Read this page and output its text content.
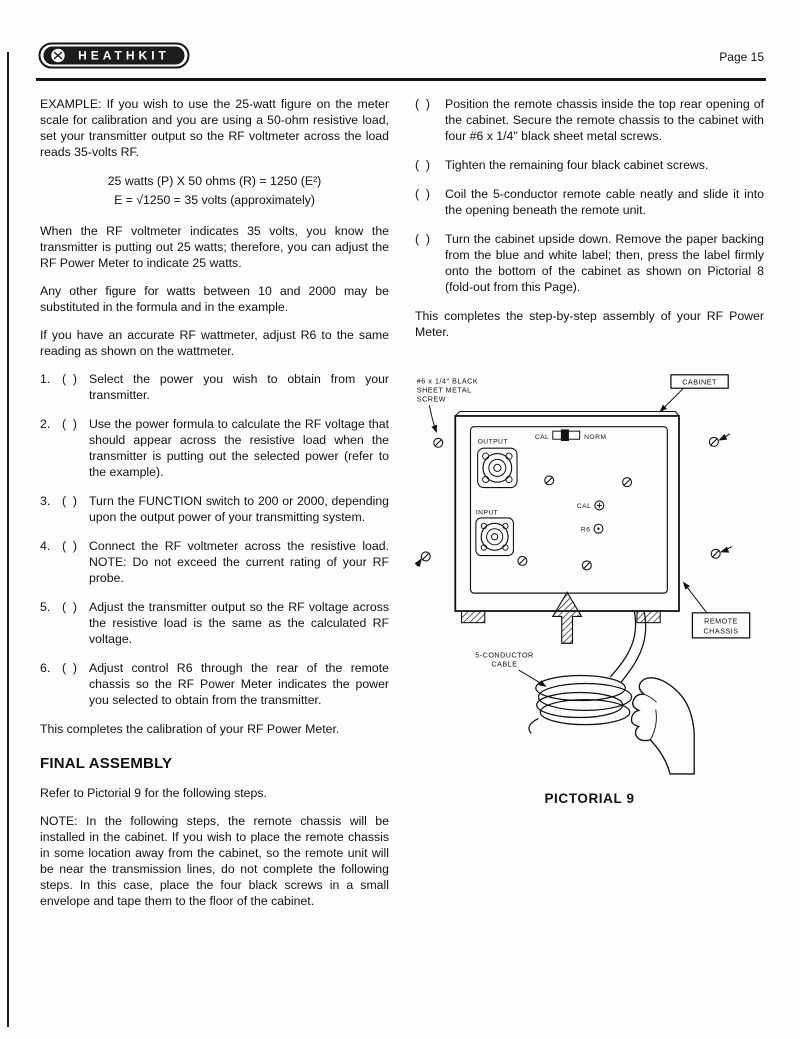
HEATHKIT	Page 15

EXAMPLE: If you wish to use the 25-watt figure on the meter scale for calibration and you are using a 50-ohm resistive load, set your transmitter output so the RF voltmeter across the load reads 35-volts RF.

25 watts (P) X 50 ohms (R) = 1250 (E²)
E = √1250 = 35 volts (approximately)

When the RF voltmeter indicates 35 volts, you know the transmitter is putting out 25 watts; therefore, you can adjust the RF Power Meter to indicate 25 watts.

Any other figure for watts between 10 and 2000 may be substituted in the formula and in the example.

If you have an accurate RF wattmeter, adjust R6 to the same reading as shown on the wattmeter.

1. (  ) Select the power you wish to obtain from your transmitter.
2. (  ) Use the power formula to calculate the RF voltage that should appear across the resistive load when the transmitter is putting out the selected power (refer to the example).
3. (  ) Turn the FUNCTION switch to 200 or 2000, depending upon the output power of your transmitting system.
4. (  ) Connect the RF voltmeter across the resistive load. NOTE: Do not exceed the current rating of your RF probe.
5. (  ) Adjust the transmitter output so the RF voltage across the resistive load is the same as the calculated RF voltage.
6. (  ) Adjust control R6 through the rear of the remote chassis so the RF Power Meter indicates the power you selected to obtain from the transmitter.

This completes the calibration of your RF Power Meter.

FINAL ASSEMBLY

Refer to Pictorial 9 for the following steps.

NOTE: In the following steps, the remote chassis will be installed in the cabinet. If you wish to place the remote chassis in some location away from the cabinet, so the remote unit will be near the transmission lines, do not complete the following steps. In this case, place the four black screws in a small envelope and tape them to the floor of the cabinet.

(  )	Position the remote chassis inside the top rear opening of the cabinet. Secure the remote chassis to the cabinet with four #6 x 1/4" black sheet metal screws.
(  )	Tighten the remaining four black cabinet screws.
(  )	Coil the 5-conductor remote cable neatly and slide it into the opening beneath the remote unit.
(  )	Turn the cabinet upside down. Remove the paper backing from the blue and white label; then, press the label firmly onto the bottom of the cabinet as shown on Pictorial 8 (fold-out from this Page).

This completes the step-by-step assembly of your RF Power Meter.

#6 x 1/4" BLACK
SHEET METAL
SCREW
CABINET
CAL	NORM
OUTPUT
INPUT
CAL
R6
REMOTE
CHASSIS
5-CONDUCTOR
CABLE
PICTORIAL 9
